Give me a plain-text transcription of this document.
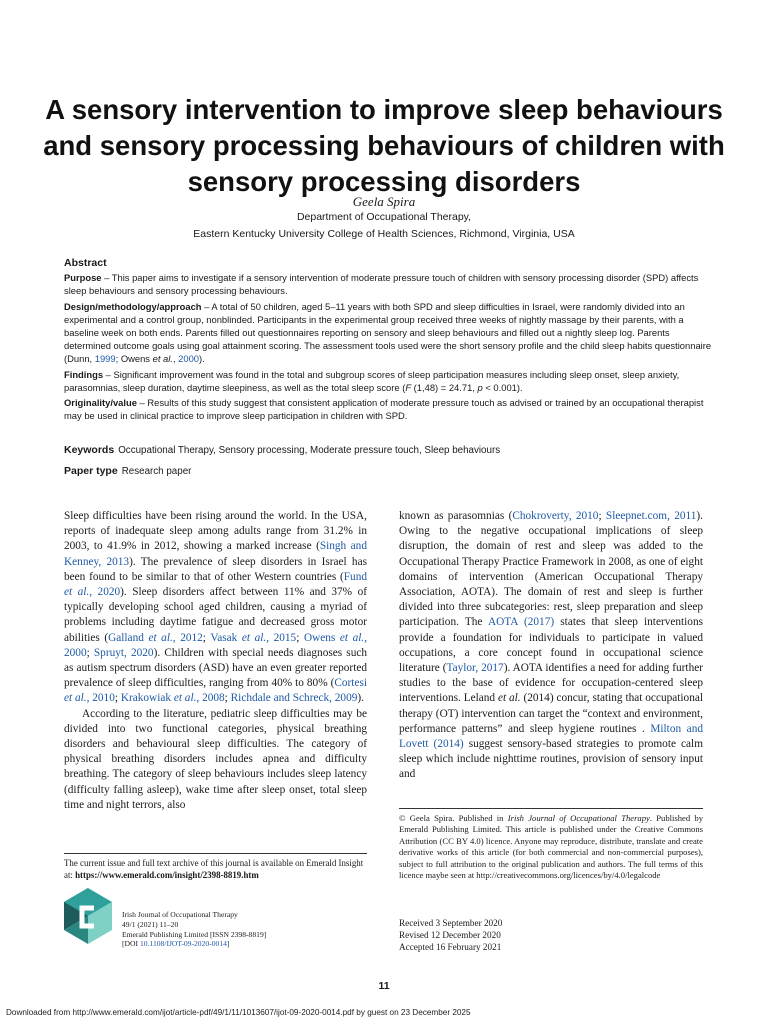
A sensory intervention to improve sleep behaviours and sensory processing behaviours of children with sensory processing disorders
Geela Spira
Department of Occupational Therapy,
Eastern Kentucky University College of Health Sciences, Richmond, Virginia, USA
Abstract

Purpose – This paper aims to investigate if a sensory intervention of moderate pressure touch of children with sensory processing disorder (SPD) affects sleep behaviours and sensory processing behaviours.

Design/methodology/approach – A total of 50 children, aged 5–11 years with both SPD and sleep difficulties in Israel, were randomly divided into an experimental and a control group, nonblinded. Participants in the experimental group received three weeks of nightly massage by their parents, with a baseline week on both ends. Parents filled out questionnaires reporting on sensory and sleep behaviours and filled out a nightly sleep log. Parents determined outcome goals using goal attainment scoring. The assessment tools used were the short sensory profile and the child sleep habits questionnaire (Dunn, 1999; Owens et al., 2000).

Findings – Significant improvement was found in the total and subgroup scores of sleep participation measures including sleep onset, sleep anxiety, parasomnias, sleep duration, daytime sleepiness, as well as the total sleep score (F (1,48) = 24.71, p < 0.001).

Originality/value – Results of this study suggest that consistent application of moderate pressure touch as advised or trained by an occupational therapist may be used in clinical practice to improve sleep participation in children with SPD.

Keywords Occupational Therapy, Sensory processing, Moderate pressure touch, Sleep behaviours
Paper type Research paper

Sleep difficulties have been rising around the world. In the USA, reports of inadequate sleep among adults range from 31.2% in 2003, to 41.9% in 2012, showing a marked increase (Singh and Kenney, 2013). The prevalence of sleep disorders in Israel has been found to be similar to that of other Western countries (Fund et al., 2020). Sleep disorders affect between 11% and 37% of typically developing school aged children, causing a myriad of problems including daytime fatigue and decreased gross motor abilities (Galland et al., 2012; Vasak et al., 2015; Owens et al., 2000; Spruyt, 2020). Children with special needs diagnoses such as autism spectrum disorders (ASD) have an even greater reported prevalence of sleep difficulties, ranging from 40% to 80% (Cortesi et al., 2010; Krakowiak et al., 2008; Richdale and Schreck, 2009).

According to the literature, pediatric sleep difficulties may be divided into two functional categories, physical breathing disorders and behavioural sleep difficulties. The category of physical breathing disorders includes apnea and difficulty breathing. The category of sleep behaviours includes sleep latency (difficulty falling asleep), wake time after sleep onset, total sleep time and night terrors, also

known as parasomnias (Chokroverty, 2010; Sleepnet.com, 2011). Owing to the negative occupational implications of sleep disruption, the domain of rest and sleep was added to the Occupational Therapy Practice Framework in 2008, as one of eight domains of intervention (American Occupational Therapy Association, AOTA). The domain of rest and sleep is further divided into three subcategories: rest, sleep preparation and sleep participation. The AOTA (2017) states that sleep interventions provide a foundation for individuals to participate in valued occupations, a core concept found in occupational science literature (Taylor, 2017). AOTA identifies a need for adding further studies to the base of evidence for occupation-centered sleep interventions. Leland et al. (2014) concur, stating that occupational therapy (OT) intervention can target the “context and environment, performance patterns” and sleep hygiene routines . Milton and Lovett (2014) suggest sensory-based strategies to promote calm sleep which include nighttime routines, provision of sensory input and

© Geela Spira. Published in Irish Journal of Occupational Therapy. Published by Emerald Publishing Limited. This article is published under the Creative Commons Attribution (CC BY 4.0) licence. Anyone may reproduce, distribute, translate and create derivative works of this article (for both commercial and non-commercial purposes), subject to full attribution to the original publication and authors. The full terms of this licence maybe seen at http://creativecommons.org/licences/by/4.0/legalcode
Received 3 September 2020
Revised 12 December 2020
Accepted 16 February 2021
The current issue and full text archive of this journal is available on Emerald Insight at: https://www.emerald.com/insight/2398-8819.htm
Irish Journal of Occupational Therapy
49/1 (2021) 11–20
Emerald Publishing Limited [ISSN 2398-8819]
[DOI 10.1108/IJOT-09-2020-0014]
11
Downloaded from http://www.emerald.com/ijot/article-pdf/49/1/11/1013607/ijot-09-2020-0014.pdf by guest on 23 December 2025
